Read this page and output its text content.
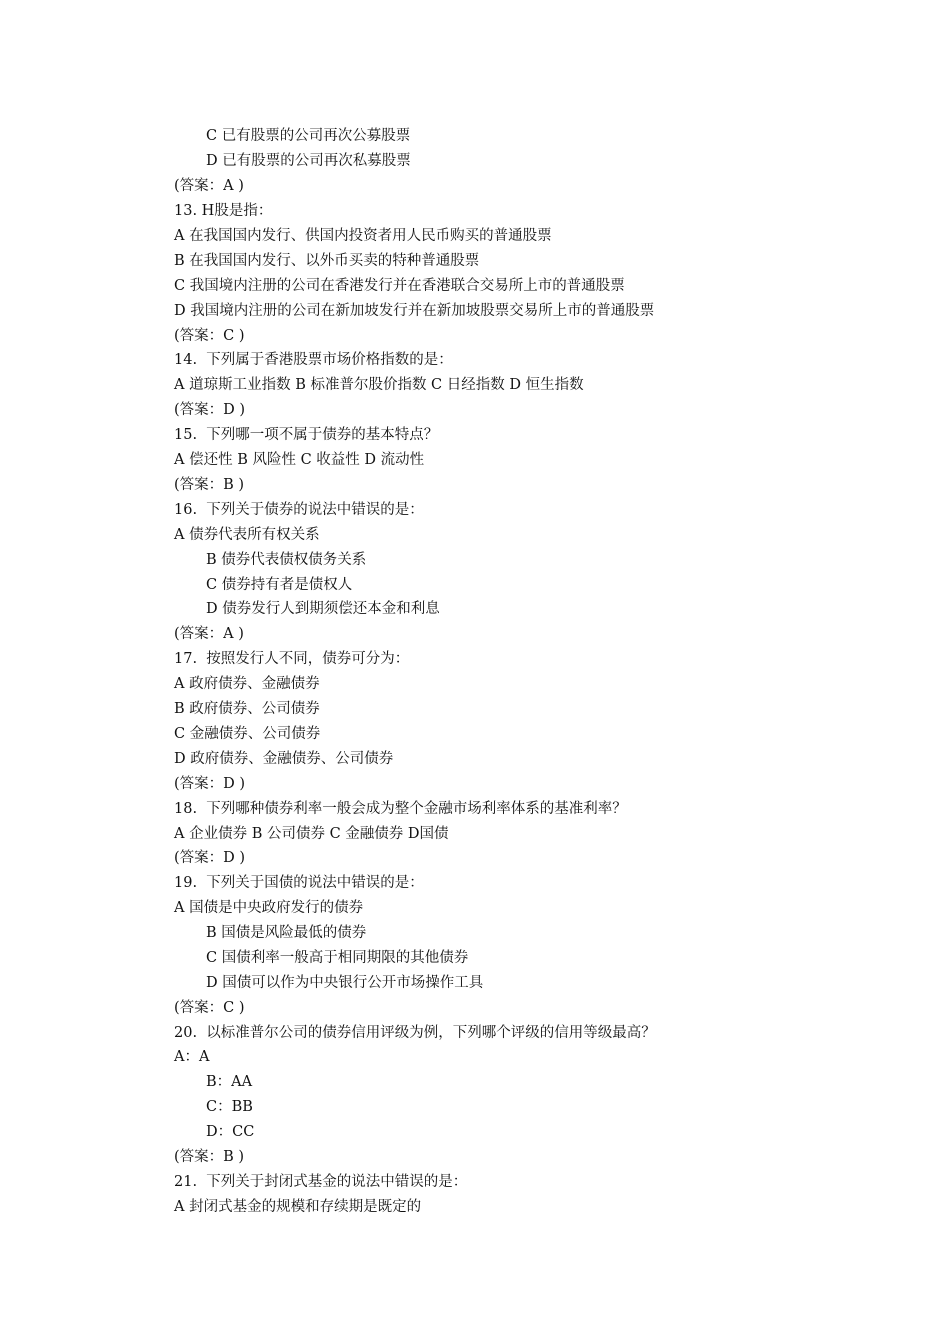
C 已有股票的公司再次公募股票
D 已有股票的公司再次私募股票
(答案：A )
13. H股是指：
A 在我国国内发行、供国内投资者用人民币购买的普通股票
B 在我国国内发行、以外币买卖的特种普通股票
C 我国境内注册的公司在香港发行并在香港联合交易所上市的普通股票
D 我国境内注册的公司在新加坡发行并在新加坡股票交易所上市的普通股票
(答案：C )
14.  下列属于香港股票市场价格指数的是：
A 道琼斯工业指数 B 标准普尔股价指数 C 日经指数 D 恒生指数
(答案：D )
15.  下列哪一项不属于债券的基本特点？
A 偿还性 B 风险性 C 收益性 D 流动性
(答案：B )
16.  下列关于债券的说法中错误的是：
A 债券代表所有权关系
B 债券代表债权债务关系
C 债券持有者是债权人
D 债券发行人到期须偿还本金和利息
(答案：A )
17.  按照发行人不同，债券可分为：
A 政府债券、金融债券
B 政府债券、公司债券
C 金融债券、公司债券
D 政府债券、金融债券、公司债券
(答案：D )
18.  下列哪种债券利率一般会成为整个金融市场利率体系的基准利率？
A 企业债券 B 公司债券 C 金融债券 D国债
(答案：D )
19.  下列关于国债的说法中错误的是：
A 国债是中央政府发行的债券
B 国债是风险最低的债券
C 国债利率一般高于相同期限的其他债券
D 国债可以作为中央银行公开市场操作工具
(答案：C )
20.  以标准普尔公司的债券信用评级为例，下列哪个评级的信用等级最高？
A：A
B：AA
C：BB
D：CC
(答案：B )
21.  下列关于封闭式基金的说法中错误的是：
A 封闭式基金的规模和存续期是既定的
